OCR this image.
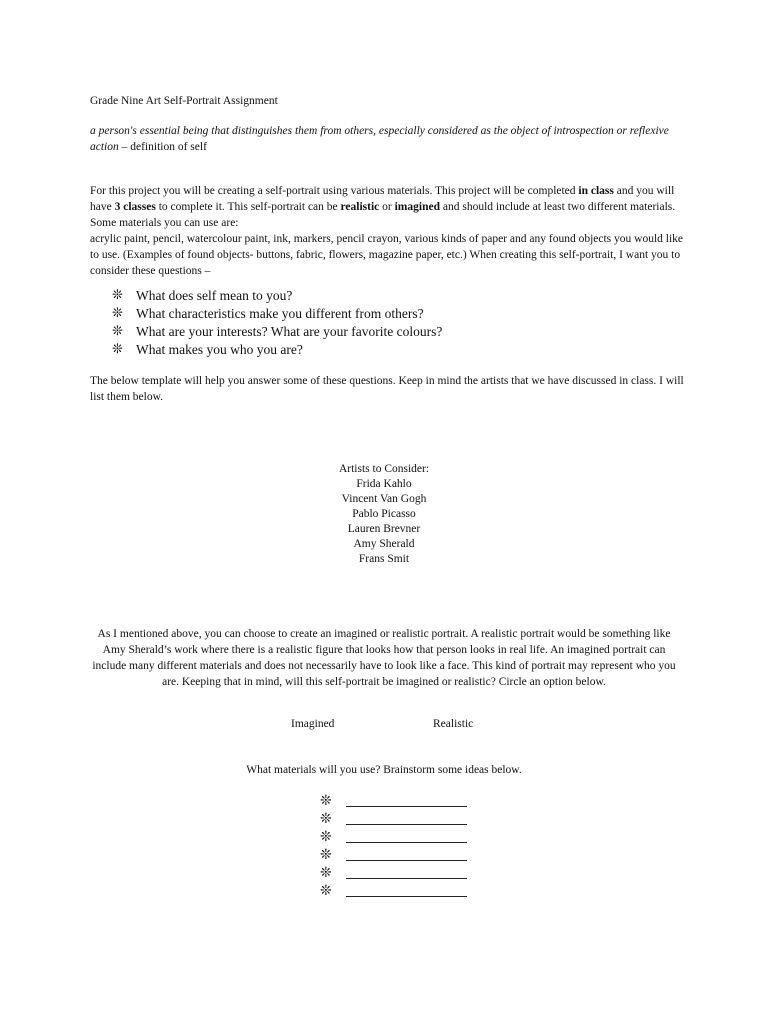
Grade Nine Art Self-Portrait Assignment
a person's essential being that distinguishes them from others, especially considered as the object of introspection or reflexive action – definition of self

For this project you will be creating a self-portrait using various materials. This project will be completed in class and you will have 3 classes to complete it. This self-portrait can be realistic or imagined and should include at least two different materials.

Some materials you can use are:

acrylic paint, pencil, watercolour paint, ink, markers, pencil crayon, various kinds of paper and any found objects you would like to use. (Examples of found objects- buttons, fabric, flowers, magazine paper, etc.) When creating this self-portrait, I want you to consider these questions –

❊ What does self mean to you?
❊ What characteristics make you different from others?
❊ What are your interests? What are your favorite colours?
❊ What makes you who you are?
The below template will help you answer some of these questions. Keep in mind the artists that we have discussed in class. I will list them below.
Artists to Consider:
Frida Kahlo
Vincent Van Gogh
Pablo Picasso
Lauren Brevner
Amy Sherald
Frans Smit
As I mentioned above, you can choose to create an imagined or realistic portrait. A realistic portrait would be something like Amy Sherald’s work where there is a realistic figure that looks how that person looks in real life. An imagined portrait can include many different materials and does not necessarily have to look like a face. This kind of portrait may represent who you are. Keeping that in mind, will this self-portrait be imagined or realistic? Circle an option below.
Imagined	Realistic
What materials will you use? Brainstorm some ideas below.
❊
❊
❊
❊
❊
❊
